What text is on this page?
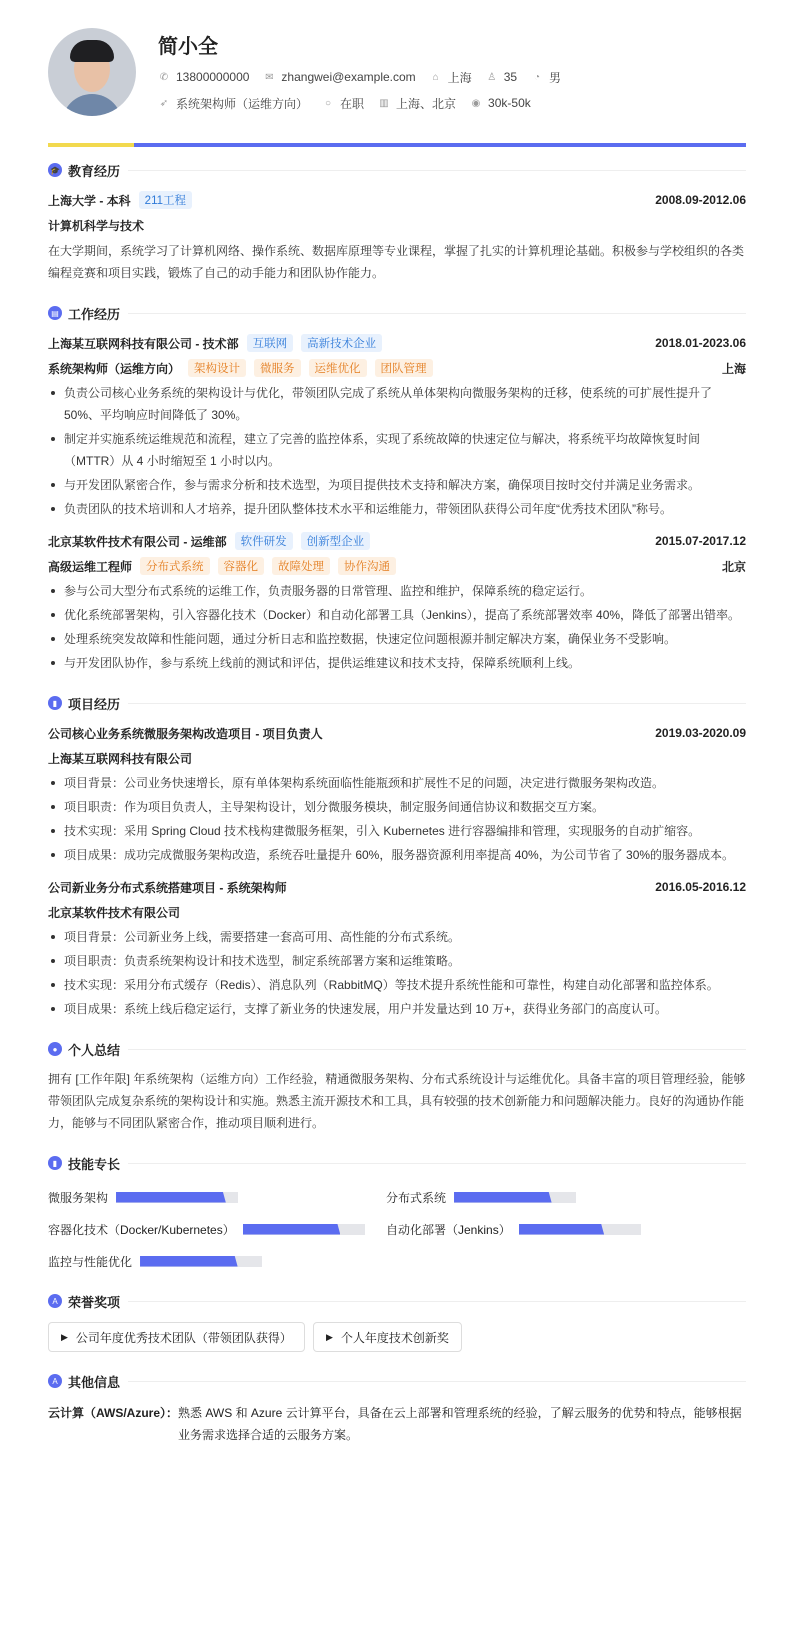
简小全
✆ 13800000000 ✉ zhangwei@example.com ⌂ 上海 ♙ 35 ◔ 男
➶ 系统架构师（运维方向） ○ 在职 ▥ 上海、北京 ◉ 30k-50k
🎓 教育经历
上海大学 - 本科	211工程	2008.09-2012.06
计算机科学与技术
在大学期间，系统学习了计算机网络、操作系统、数据库原理等专业课程，掌握了扎实的计算机理论基础。积极参与学校组织的各类编程竞赛和项目实践，锻炼了自己的动手能力和团队协作能力。
▤ 工作经历
上海某互联网科技有限公司 - 技术部	互联网	高新技术企业	2018.01-2023.06
系统架构师（运维方向）	架构设计	微服务	运维优化	团队管理	上海
负责公司核心业务系统的架构设计与优化，带领团队完成了系统从单体架构向微服务架构的迁移，使系统的可扩展性提升了 50%、平均响应时间降低了 30%。
制定并实施系统运维规范和流程，建立了完善的监控体系，实现了系统故障的快速定位与解决，将系统平均故障恢复时间（MTTR）从 4 小时缩短至 1 小时以内。
与开发团队紧密合作，参与需求分析和技术选型，为项目提供技术支持和解决方案，确保项目按时交付并满足业务需求。
负责团队的技术培训和人才培养，提升团队整体技术水平和运维能力，带领团队获得公司年度“优秀技术团队”称号。
北京某软件技术有限公司 - 运维部	软件研发	创新型企业	2015.07-2017.12
高级运维工程师	分布式系统	容器化	故障处理	协作沟通	北京
参与公司大型分布式系统的运维工作，负责服务器的日常管理、监控和维护，保障系统的稳定运行。
优化系统部署架构，引入容器化技术（Docker）和自动化部署工具（Jenkins），提高了系统部署效率 40%，降低了部署出错率。
处理系统突发故障和性能问题，通过分析日志和监控数据，快速定位问题根源并制定解决方案，确保业务不受影响。
与开发团队协作，参与系统上线前的测试和评估，提供运维建议和技术支持，保障系统顺利上线。
▮ 项目经历
公司核心业务系统微服务架构改造项目 - 项目负责人	2019.03-2020.09
上海某互联网科技有限公司
项目背景：公司业务快速增长，原有单体架构系统面临性能瓶颈和扩展性不足的问题，决定进行微服务架构改造。
项目职责：作为项目负责人，主导架构设计，划分微服务模块，制定服务间通信协议和数据交互方案。
技术实现：采用 Spring Cloud 技术栈构建微服务框架，引入 Kubernetes 进行容器编排和管理，实现服务的自动扩缩容。
项目成果：成功完成微服务架构改造，系统吞吐量提升 60%，服务器资源利用率提高 40%，为公司节省了 30%的服务器成本。
公司新业务分布式系统搭建项目 - 系统架构师	2016.05-2016.12
北京某软件技术有限公司
项目背景：公司新业务上线，需要搭建一套高可用、高性能的分布式系统。
项目职责：负责系统架构设计和技术选型，制定系统部署方案和运维策略。
技术实现：采用分布式缓存（Redis）、消息队列（RabbitMQ）等技术提升系统性能和可靠性，构建自动化部署和监控体系。
项目成果：系统上线后稳定运行，支撑了新业务的快速发展，用户并发量达到 10 万+，获得业务部门的高度认可。
● 个人总结
拥有 [工作年限] 年系统架构（运维方向）工作经验，精通微服务架构、分布式系统设计与运维优化。具备丰富的项目管理经验，能够带领团队完成复杂系统的架构设计和实施。熟悉主流开源技术和工具，具有较强的技术创新能力和问题解决能力。良好的沟通协作能力，能够与不同团队紧密合作，推动项目顺利进行。
▮ 技能专长
微服务架构	分布式系统
容器化技术（Docker/Kubernetes）	自动化部署（Jenkins）
监控与性能优化
A 荣誉奖项
▶ 公司年度优秀技术团队（带领团队获得）	▶ 个人年度技术创新奖
A 其他信息
云计算（AWS/Azure）： 熟悉 AWS 和 Azure 云计算平台，具备在云上部署和管理系统的经验，了解云服务的优势和特点，能够根据业务需求选择合适的云服务方案。
